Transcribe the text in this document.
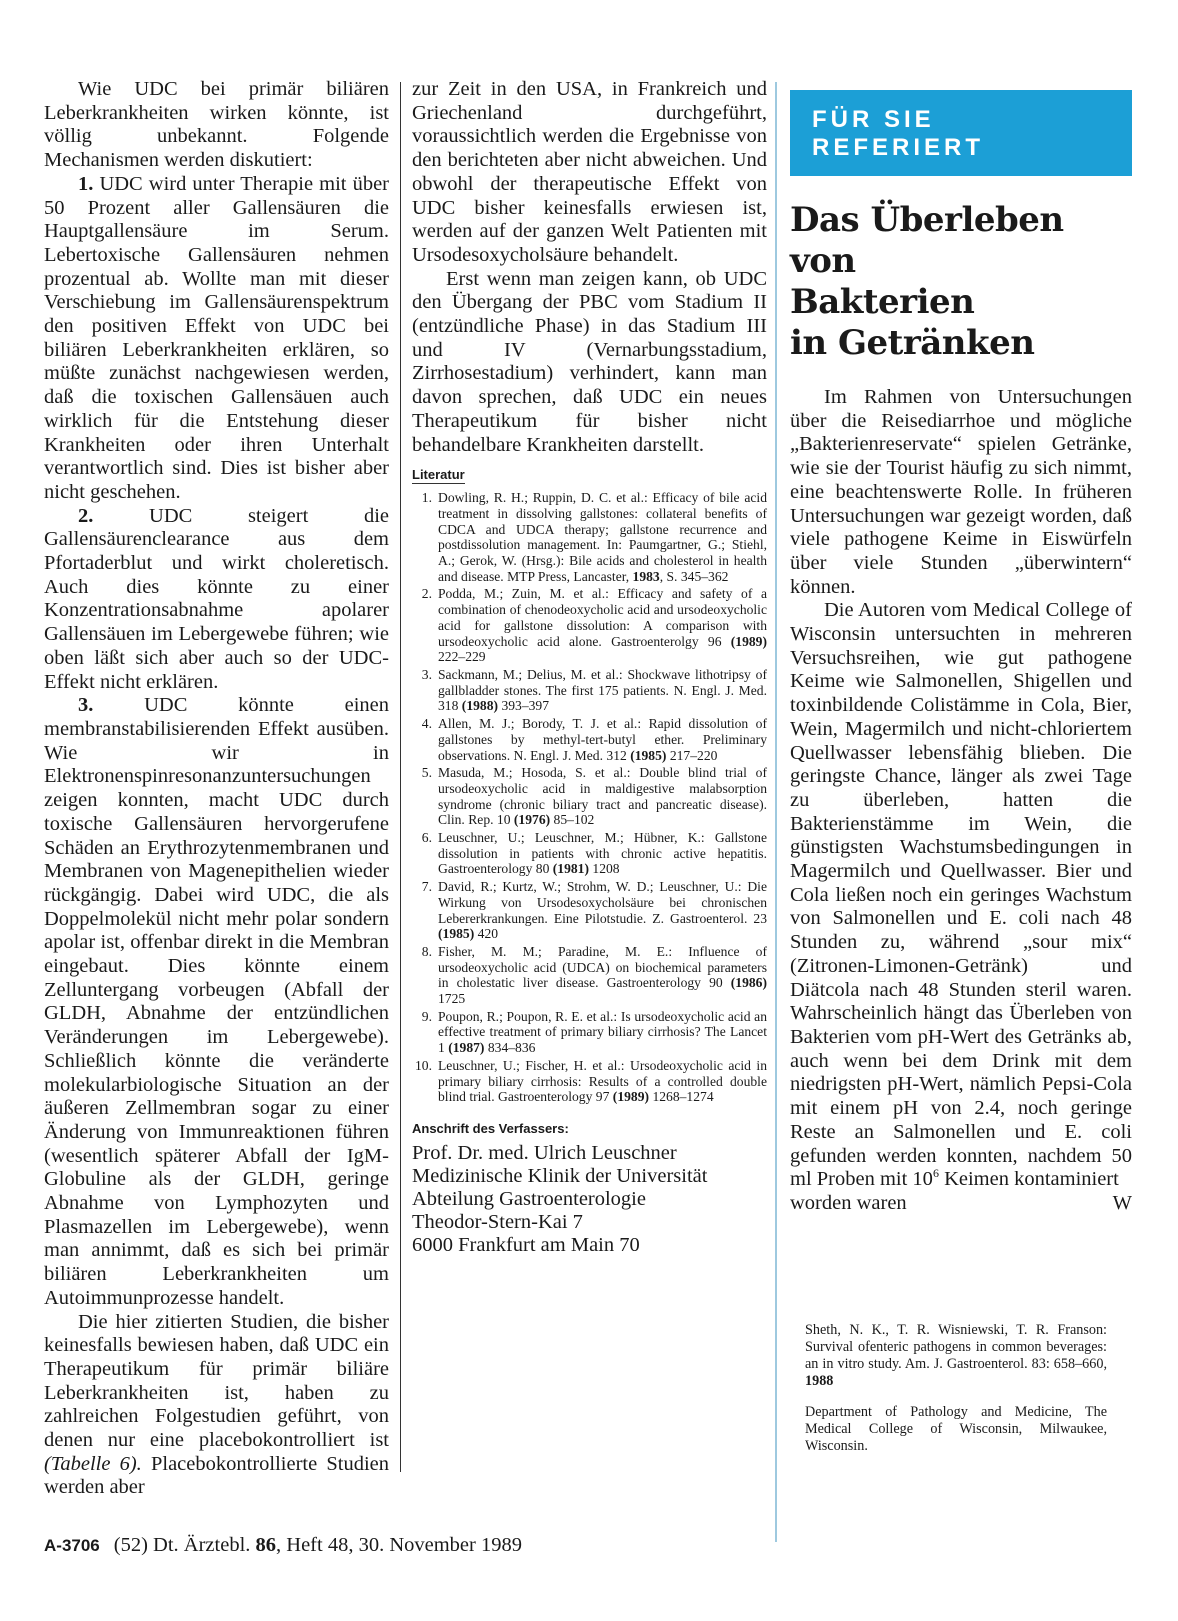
Wie UDC bei primär biliären Leberkrankheiten wirken könnte, ist völlig unbekannt. Folgende Mechanismen werden diskutiert:

1. UDC wird unter Therapie mit über 50 Prozent aller Gallensäuren die Hauptgallensäure im Serum. Lebertoxische Gallensäuren nehmen prozentual ab. Wollte man mit dieser Verschiebung im Gallensäurenspektrum den positiven Effekt von UDC bei biliären Leberkrankheiten erklären, so müßte zunächst nachgewiesen werden, daß die toxischen Gallensäuen auch wirklich für die Entstehung dieser Krankheiten oder ihren Unterhalt verantwortlich sind. Dies ist bisher aber nicht geschehen.

2. UDC steigert die Gallensäurenclearance aus dem Pfortaderblut und wirkt choleretisch. Auch dies könnte zu einer Konzentrationsabnahme apolarer Gallensäuen im Lebergewebe führen; wie oben läßt sich aber auch so der UDC-Effekt nicht erklären.

3. UDC könnte einen membranstabilisierenden Effekt ausüben. Wie wir in Elektronenspinresonanzuntersuchungen zeigen konnten, macht UDC durch toxische Gallensäuren hervorgerufene Schäden an Erythrozytenmembranen und Membranen von Magenepithelien wieder rückgängig. Dabei wird UDC, die als Doppelmolekül nicht mehr polar sondern apolar ist, offenbar direkt in die Membran eingebaut. Dies könnte einem Zelluntergang vorbeugen (Abfall der GLDH, Abnahme der entzündlichen Veränderungen im Lebergewebe). Schließlich könnte die veränderte molekularbiologische Situation an der äußeren Zellmembran sogar zu einer Änderung von Immunreaktionen führen (wesentlich späterer Abfall der IgM-Globuline als der GLDH, geringe Abnahme von Lymphozyten und Plasmazellen im Lebergewebe), wenn man annimmt, daß es sich bei primär biliären Leberkrankheiten um Autoimmunprozesse handelt.

Die hier zitierten Studien, die bisher keinesfalls bewiesen haben, daß UDC ein Therapeutikum für primär biliäre Leberkrankheiten ist, haben zu zahlreichen Folgestudien geführt, von denen nur eine placebokontrolliert ist (Tabelle 6). Placebokontrollierte Studien werden aber

zur Zeit in den USA, in Frankreich und Griechenland durchgeführt, voraussichtlich werden die Ergebnisse von den berichteten aber nicht abweichen. Und obwohl der therapeutische Effekt von UDC bisher keinesfalls erwiesen ist, werden auf der ganzen Welt Patienten mit Ursodesoxycholsäure behandelt.

Erst wenn man zeigen kann, ob UDC den Übergang der PBC vom Stadium II (entzündliche Phase) in das Stadium III und IV (Vernarbungsstadium, Zirrhosestadium) verhindert, kann man davon sprechen, daß UDC ein neues Therapeutikum für bisher nicht behandelbare Krankheiten darstellt.

Literatur
1. Dowling, R. H.; Ruppin, D. C. et al.: Efficacy of bile acid treatment in dissolving gallstones: collateral benefits of CDCA and UDCA therapy; gallstone recurrence and postdissolution management. In: Paumgartner, G.; Stiehl, A.; Gerok, W. (Hrsg.): Bile acids and cholesterol in health and disease. MTP Press, Lancaster, 1983, S. 345–362
2. Podda, M.; Zuin, M. et al.: Efficacy and safety of a combination of chenodeoxycholic acid and ursodeoxycholic acid for gallstone dissolution: A comparison with ursodeoxycholic acid alone. Gastroenterolgy 96 (1989) 222–229
3. Sackmann, M.; Delius, M. et al.: Shockwave lithotripsy of gallbladder stones. The first 175 patients. N. Engl. J. Med. 318 (1988) 393–397
4. Allen, M. J.; Borody, T. J. et al.: Rapid dissolution of gallstones by methyl-tert-butyl ether. Preliminary observations. N. Engl. J. Med. 312 (1985) 217–220
5. Masuda, M.; Hosoda, S. et al.: Double blind trial of ursodeoxycholic acid in maldigestive malabsorption syndrome (chronic biliary tract and pancreatic disease). Clin. Rep. 10 (1976) 85–102
6. Leuschner, U.; Leuschner, M.; Hübner, K.: Gallstone dissolution in patients with chronic active hepatitis. Gastroenterology 80 (1981) 1208
7. David, R.; Kurtz, W.; Strohm, W. D.; Leuschner, U.: Die Wirkung von Ursodesoxycholsäure bei chronischen Lebererkrankungen. Eine Pilotstudie. Z. Gastroenterol. 23 (1985) 420
8. Fisher, M. M.; Paradine, M. E.: Influence of ursodeoxycholic acid (UDCA) on biochemical parameters in cholestatic liver disease. Gastroenterology 90 (1986) 1725
9. Poupon, R.; Poupon, R. E. et al.: Is ursodeoxycholic acid an effective treatment of primary biliary cirrhosis? The Lancet 1 (1987) 834–836
10. Leuschner, U.; Fischer, H. et al.: Ursodeoxycholic acid in primary biliary cirrhosis: Results of a controlled double blind trial. Gastroenterology 97 (1989) 1268–1274
Anschrift des Verfassers:
Prof. Dr. med. Ulrich Leuschner
Medizinische Klinik der Universität
Abteilung Gastroenterologie
Theodor-Stern-Kai 7
6000 Frankfurt am Main 70
FÜR SIE REFERIERT
Das Überleben von
Bakterien
in Getränken

Im Rahmen von Untersuchungen über die Reisediarrhoe und mögliche „Bakterienreservate“ spielen Getränke, wie sie der Tourist häufig zu sich nimmt, eine beachtenswerte Rolle. In früheren Untersuchungen war gezeigt worden, daß viele pathogene Keime in Eiswürfeln über viele Stunden „überwintern“ können.

Die Autoren vom Medical College of Wisconsin untersuchten in mehreren Versuchsreihen, wie gut pathogene Keime wie Salmonellen, Shigellen und toxinbildende Colistämme in Cola, Bier, Wein, Magermilch und nicht-chloriertem Quellwasser lebensfähig blieben. Die geringste Chance, länger als zwei Tage zu überleben, hatten die Bakterienstämme im Wein, die günstigsten Wachstumsbedingungen in Magermilch und Quellwasser. Bier und Cola ließen noch ein geringes Wachstum von Salmonellen und E. coli nach 48 Stunden zu, während „sour mix“ (Zitronen-Limonen-Getränk) und Diätcola nach 48 Stunden steril waren. Wahrscheinlich hängt das Überleben von Bakterien vom pH-Wert des Getränks ab, auch wenn bei dem Drink mit dem niedrigsten pH-Wert, nämlich Pepsi-Cola mit einem pH von 2.4, noch geringe Reste an Salmonellen und E. coli gefunden werden konnten, nachdem 50 ml Proben mit $10^6$ Keimen kontaminiert

worden waren	W

Sheth, N. K., T. R. Wisniewski, T. R. Franson: Survival ofenteric pathogens in common beverages: an in vitro study. Am. J. Gastroenterol. 83: 658–660, 1988

Department of Pathology and Medicine, The Medical College of Wisconsin, Milwaukee, Wisconsin.

A-3706 (52) Dt. Ärztebl. 86, Heft 48, 30. November 1989
